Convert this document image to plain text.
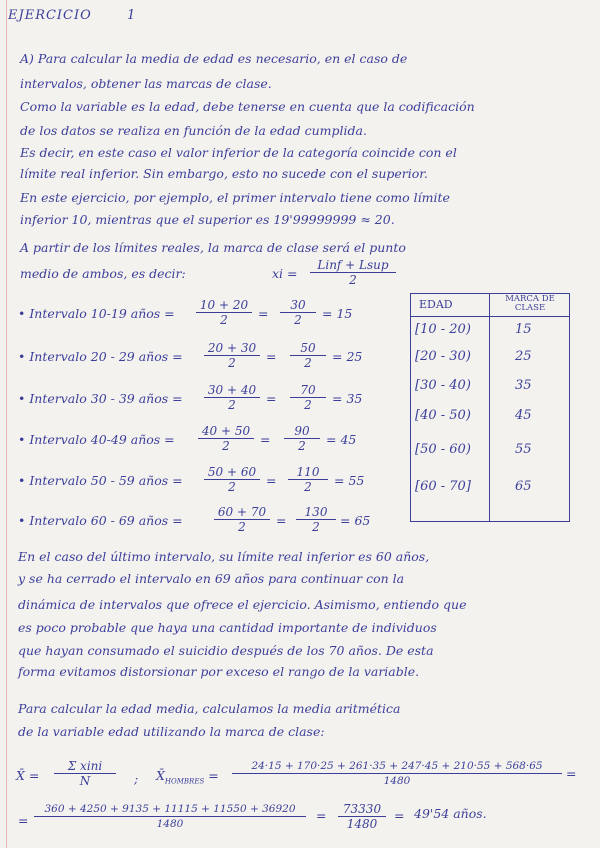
EJERCICIO	1
A) Para calcular la media de edad es necesario, en el caso de
intervalos, obtener las marcas de clase.
Como la variable es la edad, debe tenerse en cuenta que la codificación
de los datos se realiza en función de la edad cumplida.
Es decir, en este caso el valor inferior de la categoría coincide con el
límite real inferior. Sin embargo, esto no sucede con el superior.
En este ejercicio, por ejemplo, el primer intervalo tiene como límite
inferior 10, mientras que el superior es 19'99999999 ≈ 20.
A partir de los límites reales, la marca de clase será el punto
medio de ambos, es decir:	xi =
Linf + Lsup
2
• Intervalo 10-19 años = $\frac{10 + 20}{2} = \frac{30}{2} = 15$
• Intervalo 20 - 29 años = $\frac{20 + 30}{2} = \frac{50}{2} = 25$
• Intervalo 30 - 39 años = $\frac{30 + 40}{2} = \frac{70}{2} = 35$
• Intervalo 40-49 años = $\frac{40 + 50}{2} = \frac{90}{2} = 45$
• Intervalo 50 - 59 años = $\frac{50 + 60}{2} = \frac{110}{2} = 55$
• Intervalo 60 - 69 años =	$\frac{60 + 70}{2} = \frac{130}{2} = 65$
EDAD	MARCA DE CLASE
[10 - 20)	15
[20 - 30)	25
[30 - 40)	35
[40 - 50)	45
[50 - 60)	55
[60 - 70]	65
En el caso del último intervalo, su límite real inferior es 60 años,
y se ha cerrado el intervalo en 69 años para continuar con la
dinámica de intervalos que ofrece el ejercicio. Asimismo, entiendo que
es poco probable que haya una cantidad importante de individuos
que hayan consumado el suicidio después de los 70 años. De esta
forma evitamos distorsionar por exceso el rango de la variable.
Para calcular la edad media, calculamos la media aritmética
de la variable edad utilizando la marca de clase:
X̄ =
Σ xini
N	; $X̄_{HOMBRES} = \frac{24\cdot 15 + 170\cdot 25 + 261\cdot 35 + 247\cdot 45 + 210\cdot 55 + 568\cdot 65}{1480}$ =
= $\frac{360 + 4250 + 9135 + 11115 + 11550 + 36920}{1480} = \frac{73330}{1480} = 49'54$ años.
